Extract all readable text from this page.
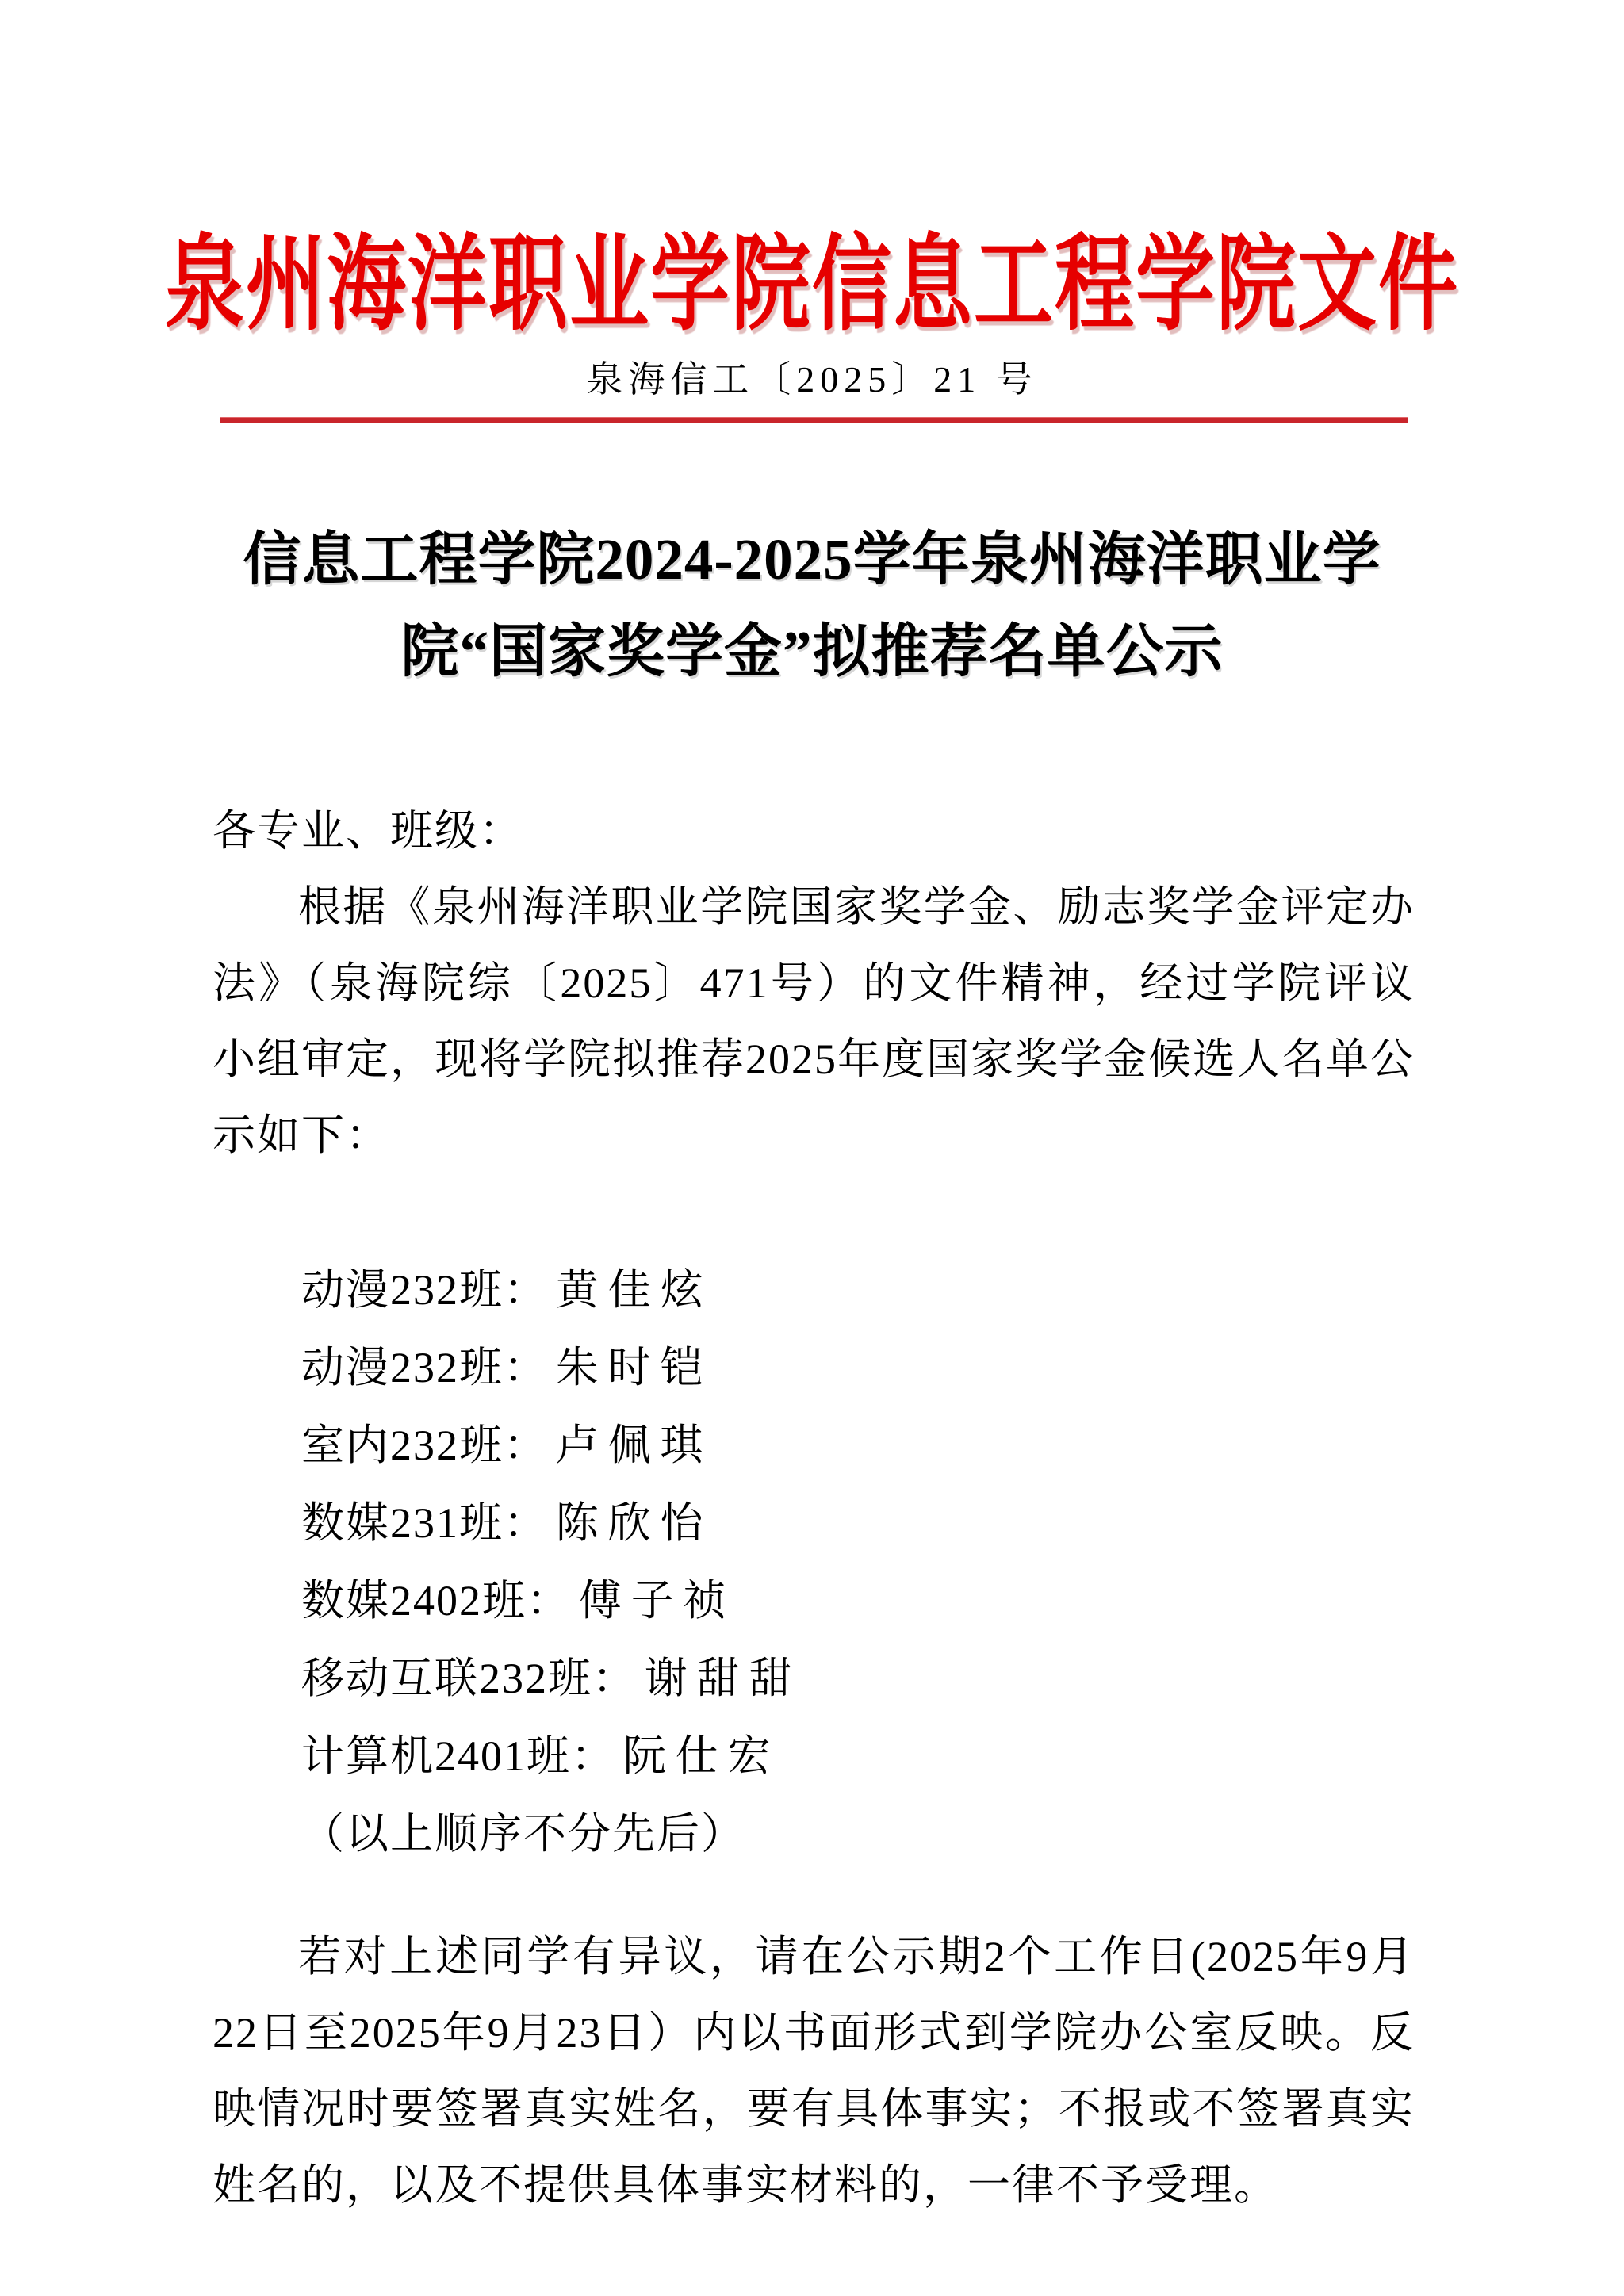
泉州海洋职业学院信息工程学院文件
泉海信工〔2025〕21 号
信息工程学院2024-2025学年泉州海洋职业学
院“国家奖学金”拟推荐名单公示
各专业、班级：

根据《泉州海洋职业学院国家奖学金、励志奖学金评定办法》（泉海院综〔2025〕471号）的文件精神，经过学院评议小组审定，现将学院拟推荐2025年度国家奖学金候选人名单公示如下：

动漫232班： 黄佳炫
动漫232班： 朱时铠
室内232班： 卢佩琪
数媒231班： 陈欣怡
数媒2402班： 傅子祯
移动互联232班： 谢甜甜
计算机2401班： 阮仕宏
（以上顺序不分先后）

若对上述同学有异议，请在公示期2个工作日(2025年9月22日至2025年9月23日）内以书面形式到学院办公室反映。反映情况时要签署真实姓名，要有具体事实；不报或不签署真实姓名的，以及不提供具体事实材料的，一律不予受理。
